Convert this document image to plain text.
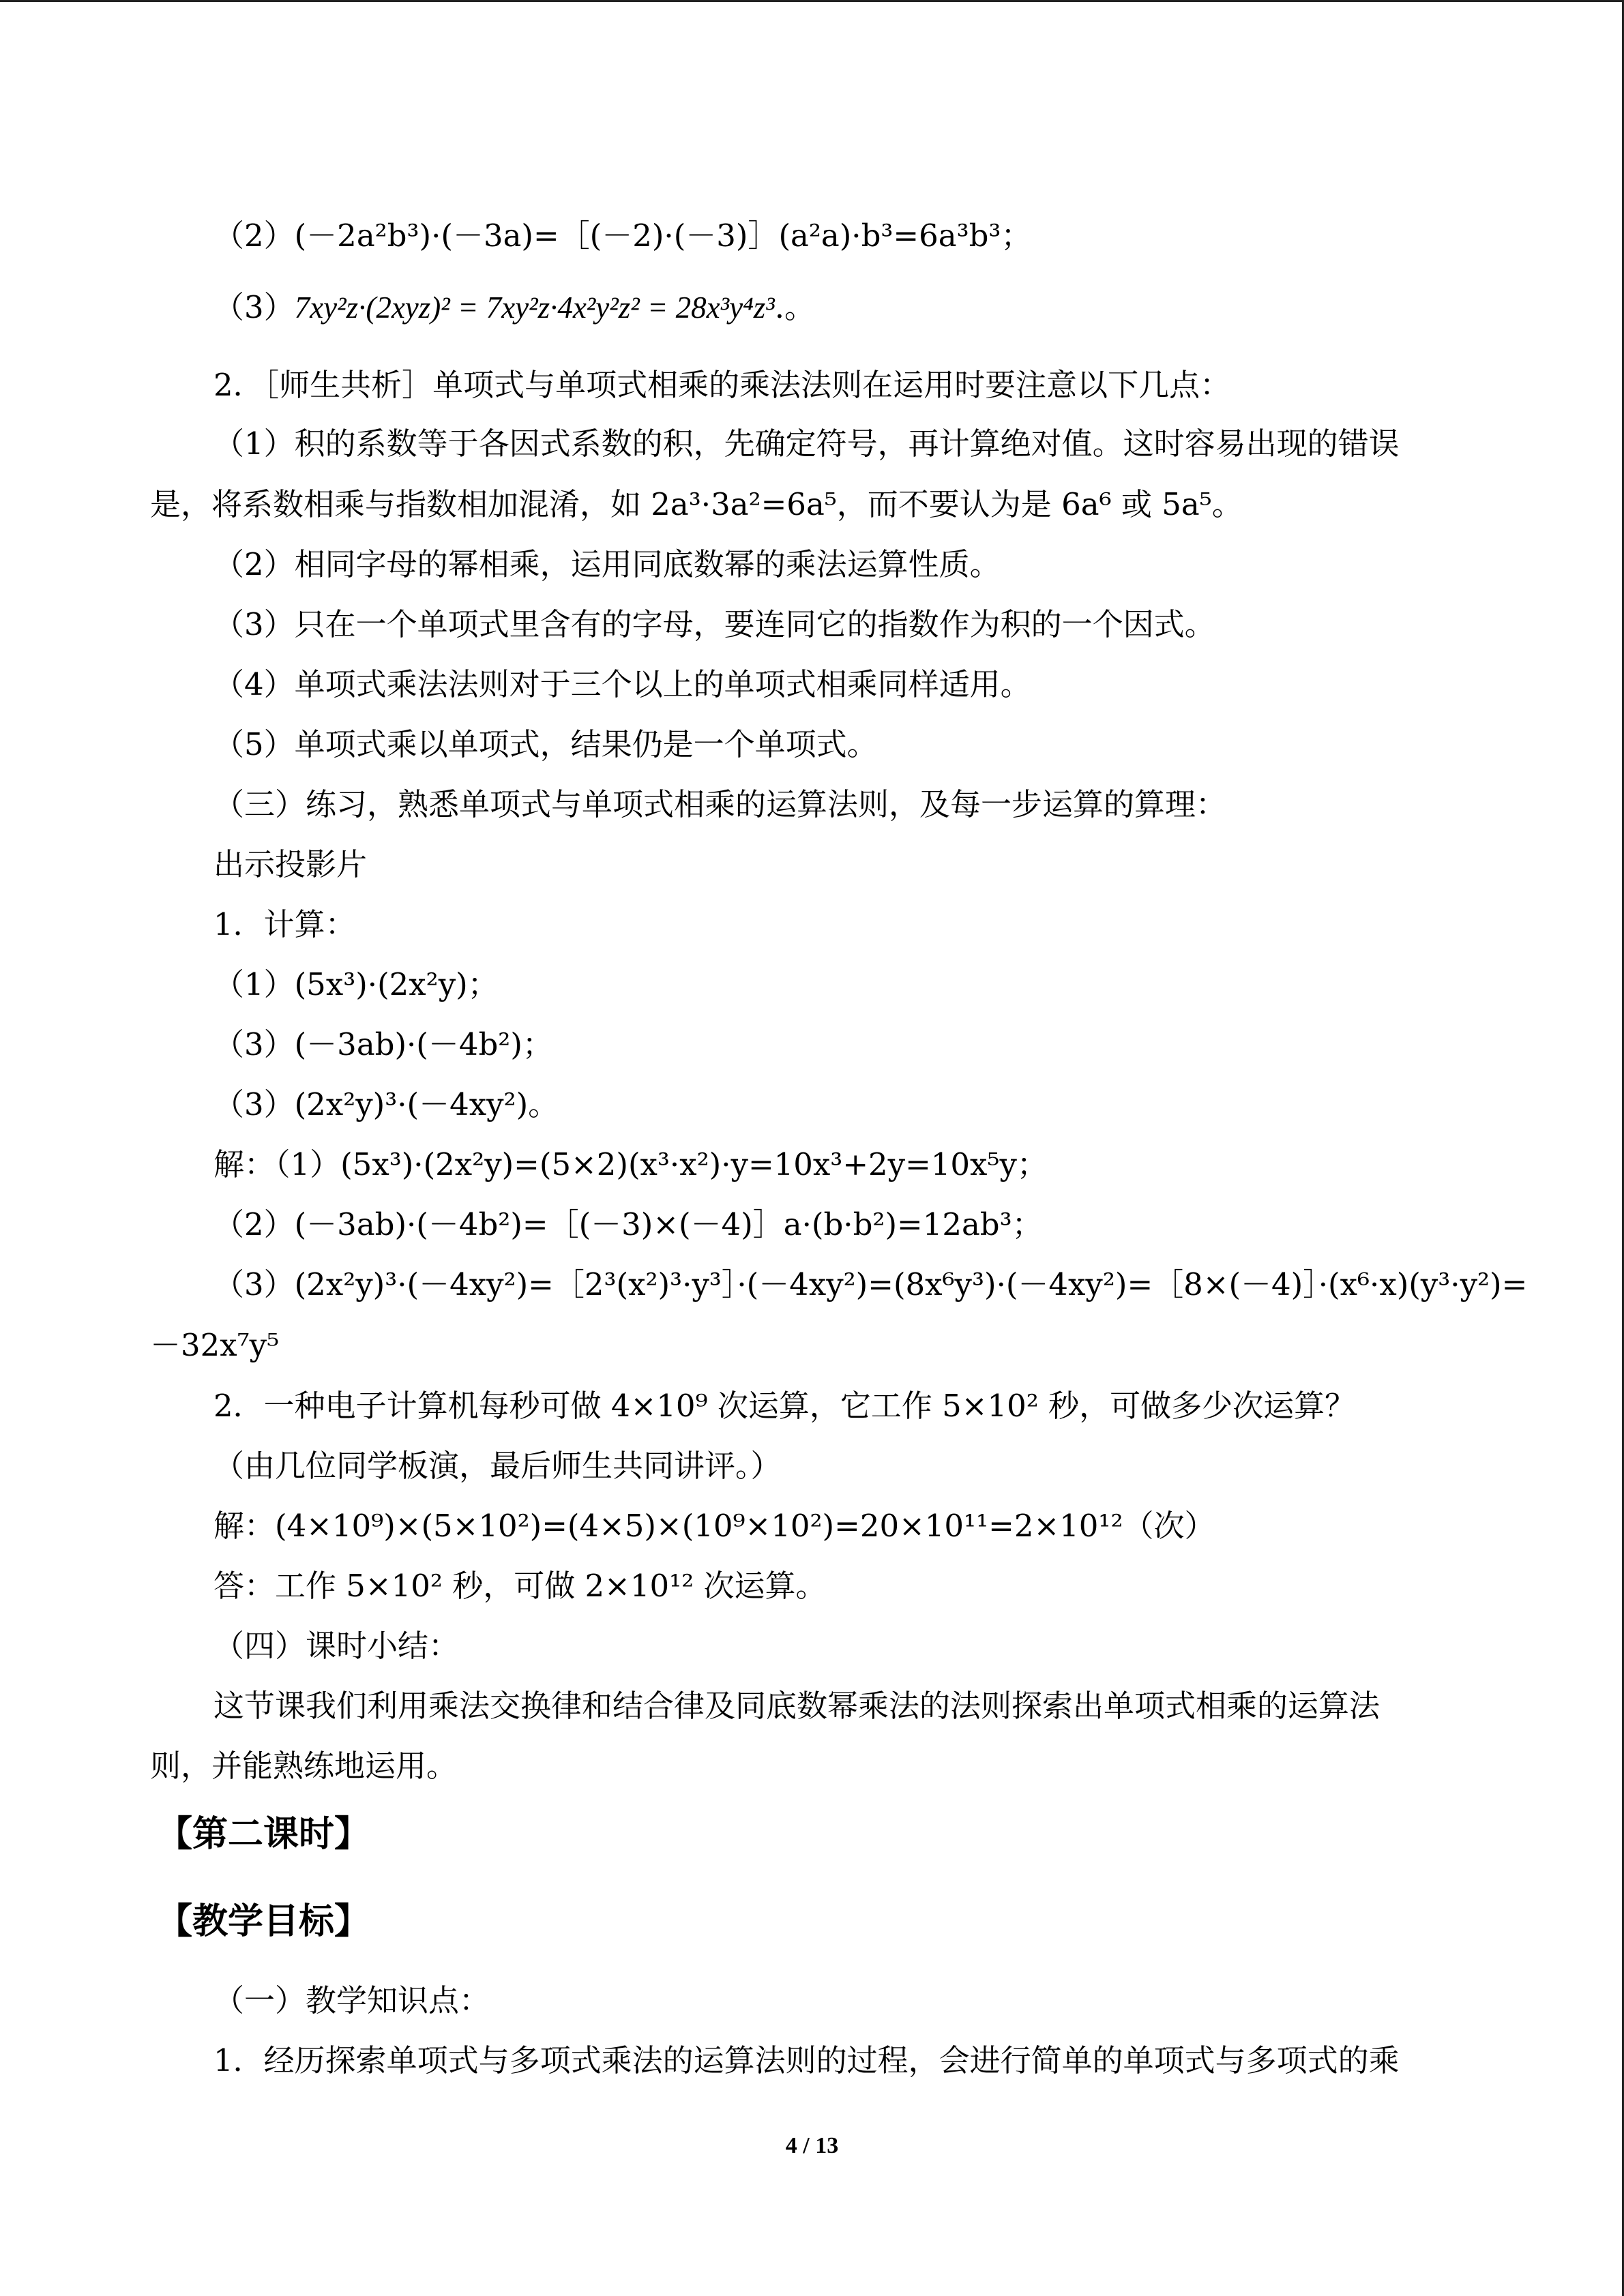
（2）(－2a²b³)·(－3a)=［(－2)·(－3)］(a²a)·b³=6a³b³；
（3）7xy²z·(2xyz)² = 7xy²z·4x²y²z² = 28x³y⁴z³.。
2．［师生共析］单项式与单项式相乘的乘法法则在运用时要注意以下几点：
（1）积的系数等于各因式系数的积，先确定符号，再计算绝对值。这时容易出现的错误
是，将系数相乘与指数相加混淆，如 2a³·3a²=6a⁵，而不要认为是 6a⁶ 或 5a⁵。
（2）相同字母的幂相乘，运用同底数幂的乘法运算性质。
（3）只在一个单项式里含有的字母，要连同它的指数作为积的一个因式。
（4）单项式乘法法则对于三个以上的单项式相乘同样适用。
（5）单项式乘以单项式，结果仍是一个单项式。
（三）练习，熟悉单项式与单项式相乘的运算法则，及每一步运算的算理：
出示投影片
1．计算：
（1）(5x³)·(2x²y)；
（3）(－3ab)·(－4b²)；
（3）(2x²y)³·(－4xy²)。
解：（1）(5x³)·(2x²y)=(5×2)(x³·x²)·y=10x³+2y=10x⁵y；
（2）(－3ab)·(－4b²)=［(－3)×(－4)］a·(b·b²)=12ab³；
（3）(2x²y)³·(－4xy²)=［2³(x²)³·y³］·(－4xy²)=(8x⁶y³)·(－4xy²)=［8×(－4)］·(x⁶·x)(y³·y²)=
－32x⁷y⁵
2．一种电子计算机每秒可做 4×10⁹ 次运算，它工作 5×10² 秒，可做多少次运算？
（由几位同学板演，最后师生共同讲评。）
解：(4×10⁹)×(5×10²)=(4×5)×(10⁹×10²)=20×10¹¹=2×10¹²（次）
答：工作 5×10² 秒，可做 2×10¹² 次运算。
（四）课时小结：
这节课我们利用乘法交换律和结合律及同底数幂乘法的法则探索出单项式相乘的运算法
则，并能熟练地运用。
【第二课时】
【教学目标】
（一）教学知识点：
1．经历探索单项式与多项式乘法的运算法则的过程，会进行简单的单项式与多项式的乘
4 / 13
